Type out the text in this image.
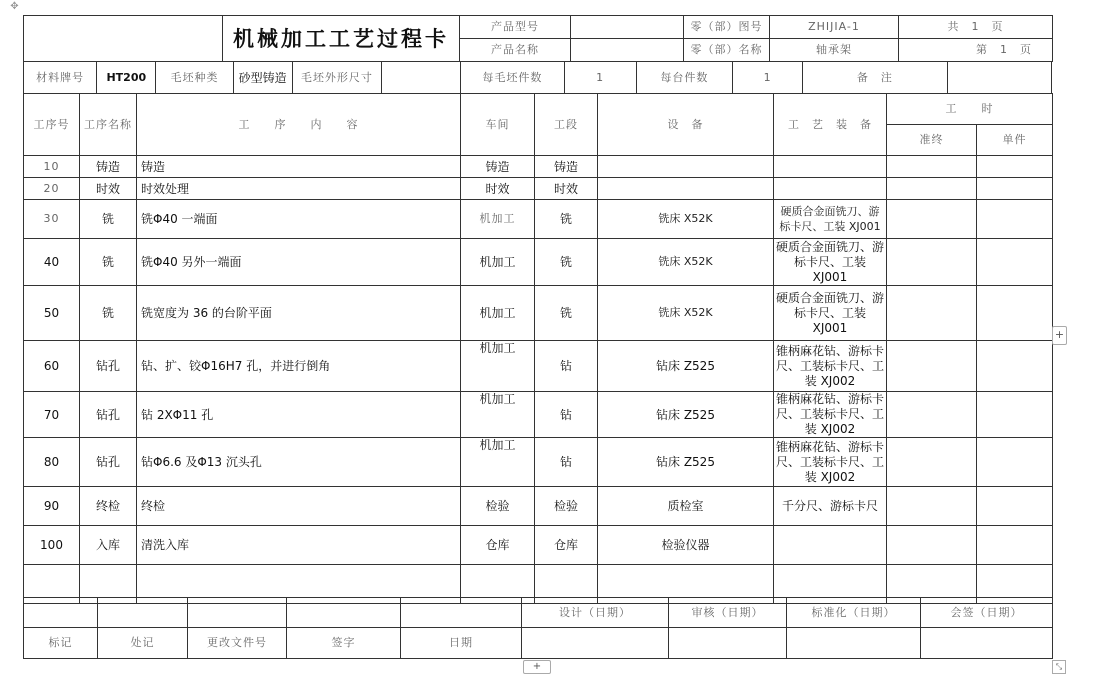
✥
	机械加工工艺过程卡	产品型号		零（部）图号	ZHIJIA-1	共　1　页
		产品名称		零（部）名称	轴承架	第　1　页
材料牌号	HT200	毛坯种类	砂型铸造	毛坯外形尺寸		每毛坯件数	1	每台件数	1	备　注	
工序号	工序名称	工　　序　　内　　容	车间	工段	设　备	工　艺　装　备	工　　时	
							准终	单件
10	铸造	铸造	铸造	铸造				
20	时效	时效处理	时效	时效				
30	铣	铣Φ40 一端面	机加工	铣	铣床 X52K	硬质合金面铣刀、游标卡尺、工装 XJ001		
40	铣	铣Φ40 另外一端面	机加工	铣	铣床 X52K	硬质合金面铣刀、游标卡尺、工装 XJ001		
50	铣	铣宽度为 36 的台阶平面	机加工	铣	铣床 X52K	硬质合金面铣刀、游标卡尺、工装 XJ001		
60	钻孔	钻、扩、铰Φ16H7 孔，并进行倒角	机加工	钻	钻床 Z525	锥柄麻花钻、游标卡尺、工装标卡尺、工装 XJ002		
70	钻孔	钻 2XΦ11 孔	机加工	钻	钻床 Z525	锥柄麻花钻、游标卡尺、工装标卡尺、工装 XJ002		
80	钻孔	钻Φ6.6 及Φ13 沉头孔	机加工	钻	钻床 Z525	锥柄麻花钻、游标卡尺、工装标卡尺、工装 XJ002		
90	终检	终检	检验	检验	质检室	千分尺、游标卡尺		
100	入库	清洗入库	仓库	仓库	检验仪器			

					设计（日期）	审核（日期）	标准化（日期）	会签（日期）
标记	处记	更改文件号	签字	日期				
+
+	⤡
